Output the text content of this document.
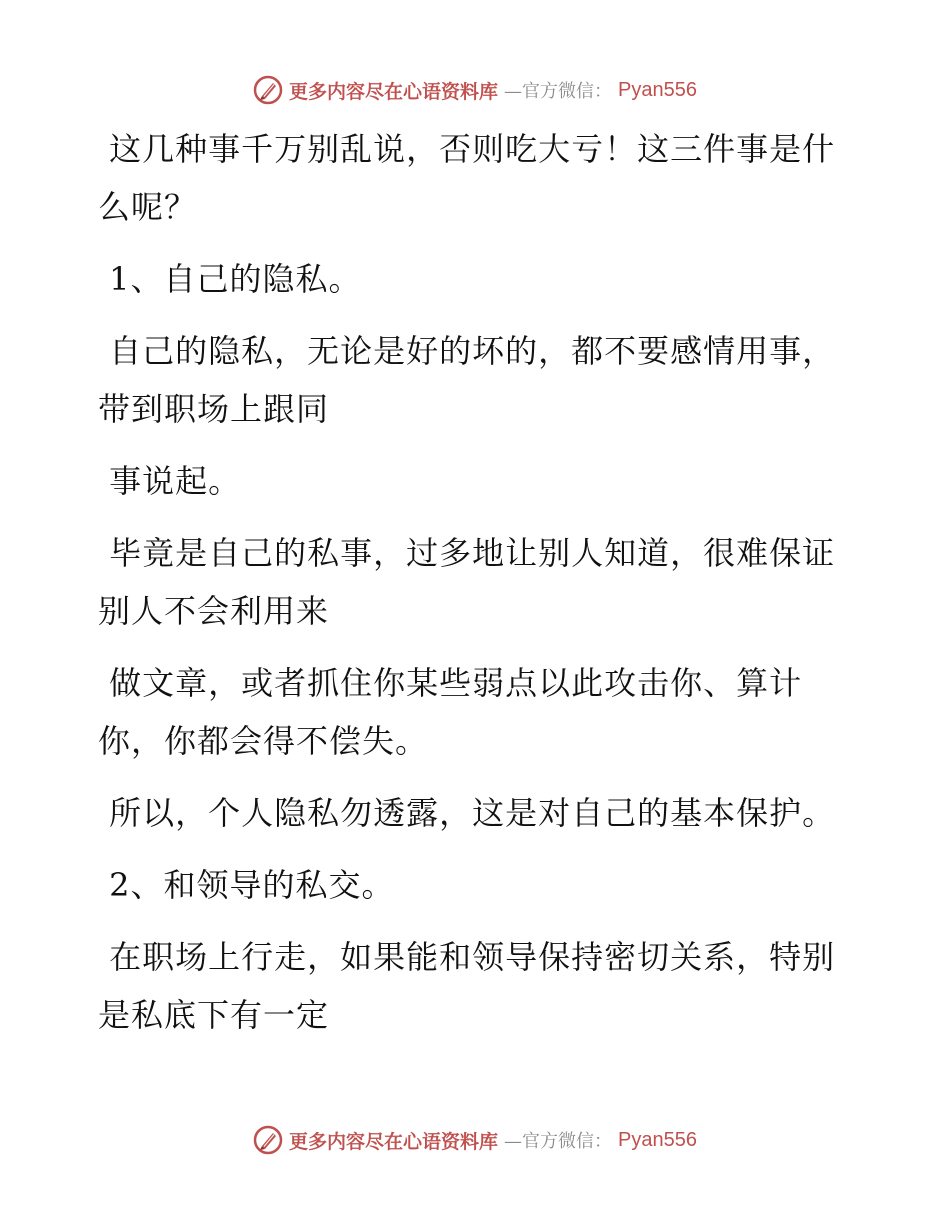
更多内容尽在心语资料库 —官方微信： Pyan556

这几种事千万别乱说，否则吃大亏！这三件事是什么呢？

1、自己的隐私。

自己的隐私，无论是好的坏的，都不要感情用事，带到职场上跟同

事说起。

毕竟是自己的私事，过多地让别人知道，很难保证别人不会利用来

做文章，或者抓住你某些弱点以此攻击你、算计你，你都会得不偿失。

所以，个人隐私勿透露，这是对自己的基本保护。

2、和领导的私交。

在职场上行走，如果能和领导保持密切关系，特别是私底下有一定

更多内容尽在心语资料库 —官方微信： Pyan556
